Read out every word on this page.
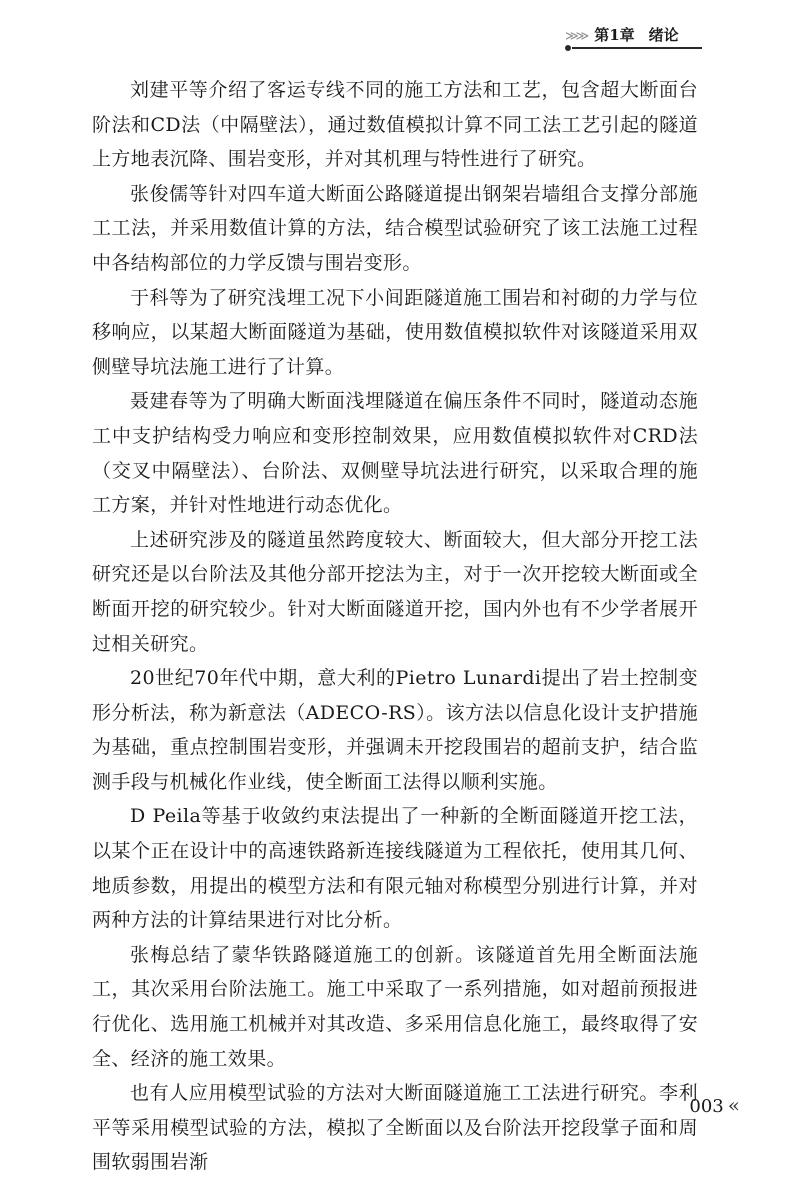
≫≫ 第1章 绪论

刘建平等介绍了客运专线不同的施工方法和工艺，包含超大断面台阶法和CD法（中隔壁法），通过数值模拟计算不同工法工艺引起的隧道上方地表沉降、围岩变形，并对其机理与特性进行了研究。

张俊儒等针对四车道大断面公路隧道提出钢架岩墙组合支撑分部施工工法，并采用数值计算的方法，结合模型试验研究了该工法施工过程中各结构部位的力学反馈与围岩变形。

于科等为了研究浅埋工况下小间距隧道施工围岩和衬砌的力学与位移响应，以某超大断面隧道为基础，使用数值模拟软件对该隧道采用双侧壁导坑法施工进行了计算。

聂建春等为了明确大断面浅埋隧道在偏压条件不同时，隧道动态施工中支护结构受力响应和变形控制效果，应用数值模拟软件对CRD法（交叉中隔壁法）、台阶法、双侧壁导坑法进行研究，以采取合理的施工方案，并针对性地进行动态优化。

上述研究涉及的隧道虽然跨度较大、断面较大，但大部分开挖工法研究还是以台阶法及其他分部开挖法为主，对于一次开挖较大断面或全断面开挖的研究较少。针对大断面隧道开挖，国内外也有不少学者展开过相关研究。

20世纪70年代中期，意大利的Pietro Lunardi提出了岩土控制变形分析法，称为新意法（ADECO-RS）。该方法以信息化设计支护措施为基础，重点控制围岩变形，并强调未开挖段围岩的超前支护，结合监测手段与机械化作业线，使全断面工法得以顺利实施。

D Peila等基于收敛约束法提出了一种新的全断面隧道开挖工法，以某个正在设计中的高速铁路新连接线隧道为工程依托，使用其几何、地质参数，用提出的模型方法和有限元轴对称模型分别进行计算，并对两种方法的计算结果进行对比分析。

张梅总结了蒙华铁路隧道施工的创新。该隧道首先用全断面法施工，其次采用台阶法施工。施工中采取了一系列措施，如对超前预报进行优化、选用施工机械并对其改造、多采用信息化施工，最终取得了安全、经济的施工效果。

也有人应用模型试验的方法对大断面隧道施工工法进行研究。李利平等采用模型试验的方法，模拟了全断面以及台阶法开挖段掌子面和周围软弱围岩渐

003 «
